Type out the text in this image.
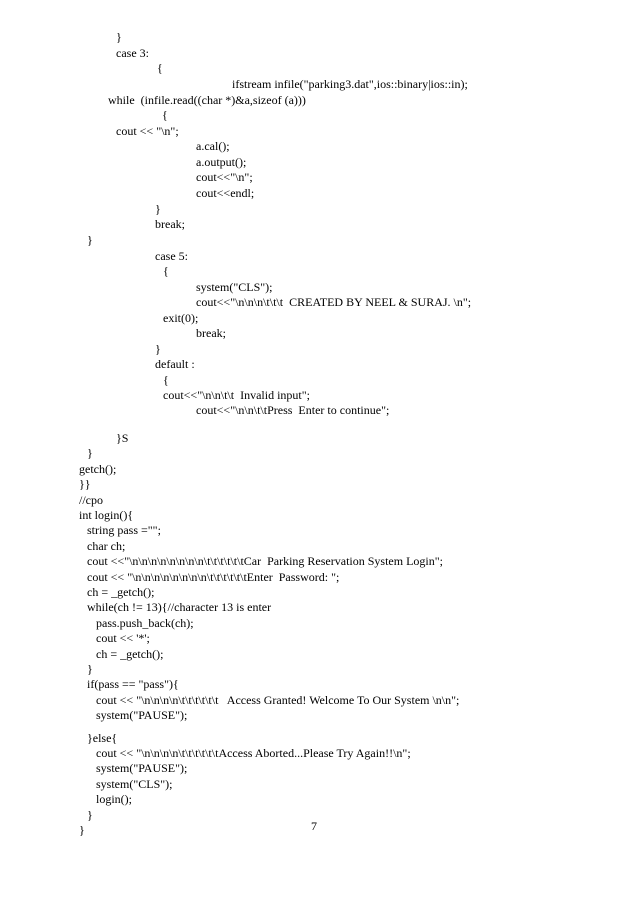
}
case 3:
{
ifstream infile("parking3.dat",ios::binary|ios::in);
while  (infile.read((char *)&a,sizeof (a)))
{
cout << "\n";
a.cal();
a.output();
cout<<"\n";
cout<<endl;
}
break;
}
case 5:
{
system("CLS");
cout<<"\n\n\n\t\t\t  CREATED BY NEEL & SURAJ. \n";
exit(0);
break;
}
default :
{
cout<<"\n\n\t\t  Invalid input";
cout<<"\n\n\t\tPress  Enter to continue";
}S
}
getch();
}}
//cpo
int login(){
string pass ="";
char ch;
cout <<"\n\n\n\n\n\n\n\n\t\t\t\t\t\tCar  Parking Reservation System Login";
cout << "\n\n\n\n\n\n\n\n\t\t\t\t\t\tEnter  Password: ";
ch = _getch();
while(ch != 13){//character 13 is enter
pass.push_back(ch);
cout << '*';
ch = _getch();
}
if(pass == "pass"){
cout << "\n\n\n\n\t\t\t\t\t\t   Access Granted! Welcome To Our System \n\n";
system("PAUSE");
}else{
cout << "\n\n\n\n\t\t\t\t\t\tAccess Aborted...Please Try Again!!\n";
system("PAUSE");
system("CLS");
login();
}
}	7
